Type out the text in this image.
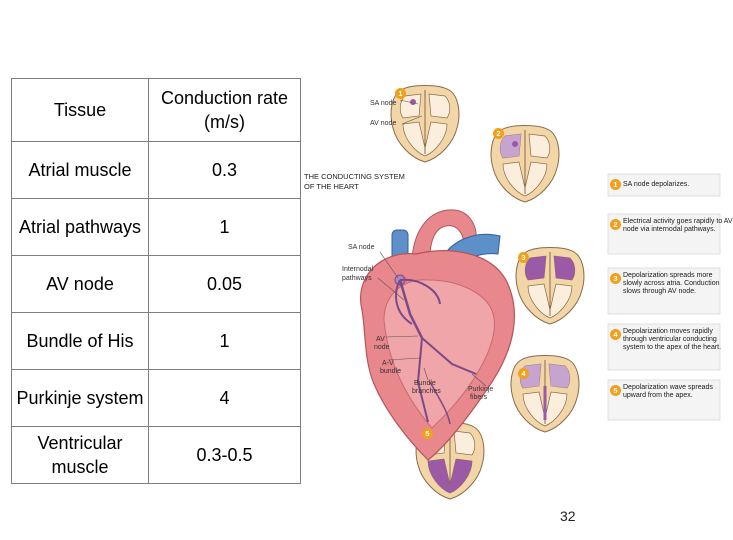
Tissue	Conduction rate (m/s)
Atrial muscle	0.3
Atrial pathways	1
AV node	0.05
Bundle of His	1
Purkinje system	4
Ventricular muscle	0.3-0.5
THE CONDUCTING SYSTEM
OF THE HEART
SA node
AV node
SA node
Internodal
pathways
AV
node
A-V
bundle
Bundle
branches	Purkinje
fibers
1
2
3
4
5
1
2
3
4
5
SA node depolarizes.
Electrical activity goes rapidly to AV node via internodal pathways.
Depolarization spreads more slowly across atria. Conduction slows through AV node.
Depolarization moves rapidly through ventricular conducting system to the apex of the heart.
Depolarization wave spreads upward from the apex.
32
